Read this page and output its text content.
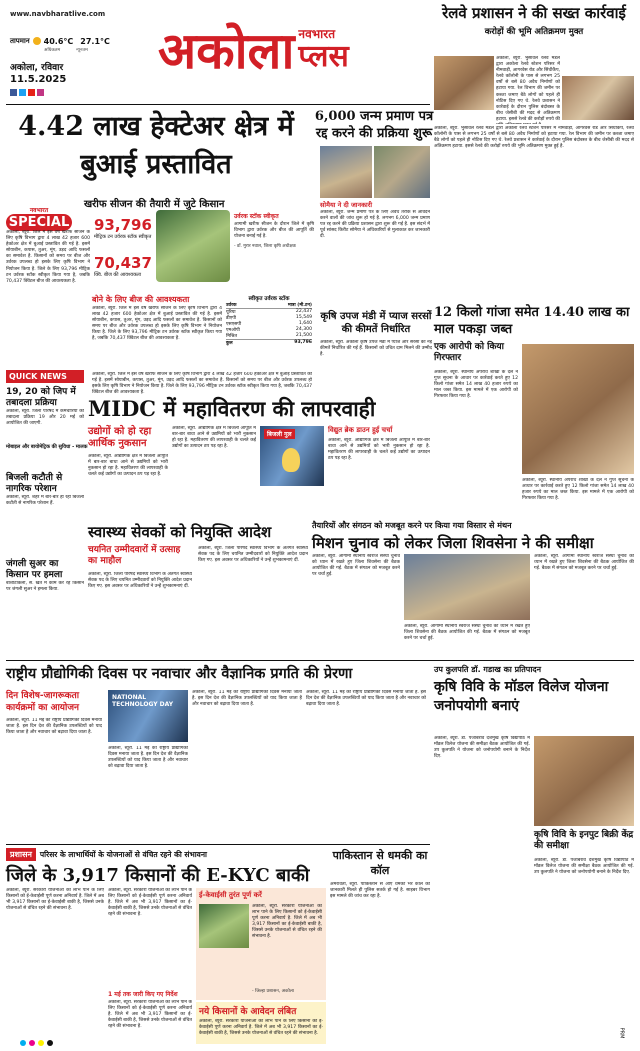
www.navbharatlive.com
तापमान 40.6°C 27.1°C
अधिकतम	न्यूनतम
अकोला, रविवार
11.5.2025 अकोला नवभारत
प्लस
रेलवे प्रशासन ने की सख्त कार्रवाई
करोड़ों की भूमि अतिक्रमण मुक्त
अकोला, ब्यूरो. भुसावल रेलवे मंडल द्वारा अकोला रेलवे स्टेशन परिसर में नीमवाड़ी, आगरवेस रोड और सिंधीकैंप, रेलवे कॉलोनी के पास से लगभग 25 वर्षों से बसे 80 अवैध निर्माणों को हटाया गया. रेल विभाग की जमीन पर कब्जा जमाए बैठे लोगों को पहले ही नोटिस दिए गए थे. रेलवे प्रशासन ने कार्रवाई के दौरान पुलिस बंदोबस्त के बीच जेसीबी की मदद से अतिक्रमण हटाया. इससे रेलवे की करोड़ों रुपये की
अकोला, ब्यूरो. भुसावल रेलवे मंडल द्वारा अकोला रेलवे स्टेशन परिसर में नीमवाड़ी, आगरवेस रोड और सिंधीकैंप, रेलवे कॉलोनी के पास से लगभग 25 वर्षों से बसे 80 अवैध निर्माणों को हटाया गया. रेल विभाग की जमीन पर कब्जा जमाए बैठे लोगों को पहले ही नोटिस दिए गए थे. रेलवे प्रशासन ने कार्रवाई के दौरान पुलिस बंदोबस्त के बीच जेसीबी की मदद से अतिक्रमण हटाया. इससे रेलवे की करोड़ों रुपये की भूमि अतिक्रमण मुक्त हुई है.
4.42 लाख हेक्टेअर क्षेत्र में बुआई प्रस्तावित
नवभारत
SPECIAL
खरीफ सीजन की तैयारी में जुटे किसान
93,796
मीट्रिक टन उर्वरक स्टॉक स्वीकृत
70,437
क्वि. बीज की आवश्यकता
उर्वरक स्टॉक स्वीकृत
आगामी खरीफ सीजन के दौरान जिले में कृषि विभाग द्वारा उर्वरक और बीज की आपूर्ति की योजना बनाई गई है.
- डॉ. मुरार नवाल, जिला कृषि अधीक्षक
अकोला, ब्यूरो. जिले में इस वर्ष खरीफ सीजन के लिए कृषि विभाग द्वारा 4 लाख 42 हजार 600 हेक्टेअर क्षेत्र में बुआई प्रस्तावित की गई है. इसमें सोयाबीन, कपास, तुअर, मूंग, उड़द आदि फसलों का समावेश है. किसानों को समय पर बीज और उर्वरक उपलब्ध हो इसके लिए कृषि विभाग ने नियोजन किया है. जिले के लिए 93,796 मीट्रिक टन उर्वरक स्टॉक स्वीकृत किया गया है, जबकि 70,437 क्विंटल बीज की आवश्यकता है.
बोने के लिए बीज की आवश्यकता
अकोला, ब्यूरो. जिले में इस वर्ष खरीफ सीजन के लिए कृषि विभाग द्वारा 4 लाख 42 हजार 600 हेक्टेअर क्षेत्र में बुआई प्रस्तावित की गई है. इसमें सोयाबीन, कपास, तुअर, मूंग, उड़द आदि फसलों का समावेश है. किसानों को समय पर बीज और उर्वरक उपलब्ध हो इसके लिए कृषि विभाग ने नियोजन किया है. जिले के लिए 93,796 मीट्रिक टन उर्वरक स्टॉक स्वीकृत किया गया है, जबकि 70,437 क्विंटल बीज की आवश्यकता है.
स्वीकृत उर्वरक स्टॉक
उर्वरक	मात्रा (मी.टन)
यूरिया	22,437
डीएपी	15,549
एसएसपी	1,640
एमओपी	24,300
मिश्रित	21,500
कुल	93,796
अकोला, ब्यूरो. जिले में इस वर्ष खरीफ सीजन के लिए कृषि विभाग द्वारा 4 लाख 42 हजार 600 हेक्टेअर क्षेत्र में बुआई प्रस्तावित की गई है. इसमें सोयाबीन, कपास, तुअर, मूंग, उड़द आदि फसलों का समावेश है. किसानों को समय पर बीज और उर्वरक उपलब्ध हो इसके लिए कृषि विभाग ने नियोजन किया है. जिले के लिए 93,796 मीट्रिक टन उर्वरक स्टॉक स्वीकृत किया गया है, जबकि 70,437 क्विंटल बीज की आवश्यकता है.
मोबाइल और बायोमेट्रिक की सुविधा - मालक
6,000 जन्म प्रमाण पत्र रद्द करने की प्रक्रिया शुरू
सोमैया ने दी जानकारी
अकोला, ब्यूरो. जन्म प्रमाण पत्र के लिए अवैध तरीके से आवेदन करने वालों की जांच शुरू हो गई है. लगभग 6,000 जन्म प्रमाण पत्र रद्द करने की प्रक्रिया प्रशासन द्वारा शुरू की गई है. इस संदर्भ में पूर्व सांसद किरीट सोमैया ने अधिकारियों से मुलाकात कर जानकारी दी.
कृषि उपज मंडी में प्याज सरसों की कीमतें निर्धारित
अकोला, ब्यूरो. अकोला कृषि उपज मंडी में प्याज और सरसों की नई कीमतें निर्धारित की गई हैं. किसानों को उचित दाम मिलने की उम्मीद है.
12 किलो गांजा समेत 14.40 लाख का माल पकड़ा जब्त
एक आरोपी को किया गिरफ्तार
अकोला, ब्यूरो. स्थानीय अपराध शाखा के दल ने गुप्त सूचना के आधार पर कार्रवाई करते हुए 12 किलो गांजा समेत 14 लाख 40 हजार रुपये का माल जब्त किया. इस मामले में एक आरोपी को गिरफ्तार किया गया है.
अकोला, ब्यूरो. स्थानीय अपराध शाखा के दल ने गुप्त सूचना के आधार पर कार्रवाई करते हुए 12 किलो गांजा समेत 14 लाख 40 हजार रुपये का माल जब्त किया. इस मामले में एक आरोपी को गिरफ्तार किया गया है.
QUICK NEWS
19, 20 को जिप में तबादला प्रक्रिया
अकोला, ब्यूरो. जिला परिषद में कर्मचारियों की तबादला प्रक्रिया 19 और 20 मई को आयोजित की जाएगी.
बिजली कटौती से नागरिक परेशान
अकोला, ब्यूरो. शहर में बार-बार हो रही बिजली कटौती से नागरिक परेशान हैं.
जंगली सुअर का किसान पर हमला
बार्शीटाकली, सं. खेत में काम कर रहे किसान पर जंगली सुअर ने हमला किया.
MIDC में महावितरण की लापरवाही
उद्योगों को हो रहा आर्थिक नुकसान
अकोला, ब्यूरो. औद्योगिक क्षेत्र में बिजली आपूर्ति में बार-बार बाधा आने से उद्यमियों को भारी नुकसान हो रहा है. महावितरण की लापरवाही के चलते कई उद्योगों का उत्पादन ठप पड़ रहा है.
अकोला, ब्यूरो. औद्योगिक क्षेत्र में बिजली आपूर्ति में बार-बार बाधा आने से उद्यमियों को भारी नुकसान हो रहा है. महावितरण की लापरवाही के चलते कई उद्योगों का उत्पादन ठप पड़ रहा है.
बिजली गुल
विद्युत ब्रेक डाउन हुई चर्चा
अकोला, ब्यूरो. औद्योगिक क्षेत्र में बिजली आपूर्ति में बार-बार बाधा आने से उद्यमियों को भारी नुकसान हो रहा है. महावितरण की लापरवाही के चलते कई उद्योगों का उत्पादन ठप पड़ रहा है.
स्वास्थ्य सेवकों को नियुक्ति आदेश
चयनित उम्मीदवारों में उत्साह का माहौल
अकोला, ब्यूरो. जिला परिषद स्वास्थ्य विभाग के अंतर्गत स्वास्थ्य सेवक पद के लिए चयनित उम्मीदवारों को नियुक्ति आदेश प्रदान किए गए. इस अवसर पर अधिकारियों ने उन्हें शुभकामनाएं दीं.
अकोला, ब्यूरो. जिला परिषद स्वास्थ्य विभाग के अंतर्गत स्वास्थ्य सेवक पद के लिए चयनित उम्मीदवारों को नियुक्ति आदेश प्रदान किए गए. इस अवसर पर अधिकारियों ने उन्हें शुभकामनाएं दीं.
तैयारियों और संगठन को मजबूत करने पर किया गया विस्तार से मंथन
मिशन चुनाव को लेकर जिला शिवसेना ने की समीक्षा
अकोला, ब्यूरो. आगामी स्थानीय स्वराज संस्था चुनाव को ध्यान में रखते हुए जिला शिवसेना की बैठक आयोजित की गई. बैठक में संगठन को मजबूत करने पर चर्चा हुई.
अकोला, ब्यूरो. आगामी स्थानीय स्वराज संस्था चुनाव को ध्यान में रखते हुए जिला शिवसेना की बैठक आयोजित की गई. बैठक में संगठन को मजबूत करने पर चर्चा हुई.
अकोला, ब्यूरो. आगामी स्थानीय स्वराज संस्था चुनाव को ध्यान में रखते हुए जिला शिवसेना की बैठक आयोजित की गई. बैठक में संगठन को मजबूत करने पर चर्चा हुई.
राष्ट्रीय प्रौद्योगिकी दिवस पर नवाचार और वैज्ञानिक प्रगति की प्रेरणा
दिन विशेष-जागरूकता कार्यक्रमों का आयोजन
अकोला, ब्यूरो. 11 मई को राष्ट्रीय प्रौद्योगिकी दिवस मनाया जाता है. इस दिन देश की वैज्ञानिक उपलब्धियों को याद किया जाता है और नवाचार को बढ़ावा दिया जाता है.
NATIONAL TECHNOLOGY DAY
अकोला, ब्यूरो. 11 मई को राष्ट्रीय प्रौद्योगिकी दिवस मनाया जाता है. इस दिन देश की वैज्ञानिक उपलब्धियों को याद किया जाता है और नवाचार को बढ़ावा दिया जाता है.
अकोला, ब्यूरो. 11 मई को राष्ट्रीय प्रौद्योगिकी दिवस मनाया जाता है. इस दिन देश की वैज्ञानिक उपलब्धियों को याद किया जाता है और नवाचार को बढ़ावा दिया जाता है.
अकोला, ब्यूरो. 11 मई को राष्ट्रीय प्रौद्योगिकी दिवस मनाया जाता है. इस दिन देश की वैज्ञानिक उपलब्धियों को याद किया जाता है और नवाचार को बढ़ावा दिया जाता है.
उप कुलपति डॉ. गडाख का प्रतिपादन
कृषि विवि के मॉडल विलेज योजना जनोपयोगी बनाएं
अकोला, ब्यूरो. डॉ. पंजाबराव देशमुख कृषि विद्यापीठ में मॉडल विलेज योजना की समीक्षा बैठक आयोजित की गई. उप कुलपति ने योजना को जनोपयोगी बनाने के निर्देश दिए.
कृषि विवि के इनपुट बिक्री केंद्र की समीक्षा
अकोला, ब्यूरो. डॉ. पंजाबराव देशमुख कृषि विद्यापीठ में मॉडल विलेज योजना की समीक्षा बैठक आयोजित की गई. उप कुलपति ने योजना को जनोपयोगी बनाने के निर्देश दिए.
प्रशासन	परिसर के लाभार्थियों के योजनाओं से वंचित रहने की संभावना
जिले के 3,917 किसानों की E-KYC बाकी
अकोला, ब्यूरो. सरकारी योजनाओं का लाभ पाने के लिए किसानों को ई-केवाईसी पूर्ण करना अनिवार्य है. जिले में अब भी 3,917 किसानों का ई-केवाईसी बाकी है, जिससे उनके योजनाओं से वंचित रहने की संभावना है.
अकोला, ब्यूरो. सरकारी योजनाओं का लाभ पाने के लिए किसानों को ई-केवाईसी पूर्ण करना अनिवार्य है. जिले में अब भी 3,917 किसानों का ई-केवाईसी बाकी है, जिससे उनके योजनाओं से वंचित रहने की संभावना है.
1 मई तक जारी किए गए निर्देश
अकोला, ब्यूरो. सरकारी योजनाओं का लाभ पाने के लिए किसानों को ई-केवाईसी पूर्ण करना अनिवार्य है. जिले में अब भी 3,917 किसानों का ई-केवाईसी बाकी है, जिससे उनके योजनाओं से वंचित रहने की संभावना है.
ई-केवाईसी तुरंत पूर्ण करें
अकोला, ब्यूरो. सरकारी योजनाओं का लाभ पाने के लिए किसानों को ई-केवाईसी पूर्ण करना अनिवार्य है. जिले में अब भी 3,917 किसानों का ई-केवाईसी बाकी है, जिससे उनके योजनाओं से वंचित रहने की संभावना है.
- जिल्हा प्रशासन, अकोला
नये किसानों के आवेदन लंबित
अकोला, ब्यूरो. सरकारी योजनाओं का लाभ पाने के लिए किसानों को ई-केवाईसी पूर्ण करना अनिवार्य है. जिले में अब भी 3,917 किसानों का ई-केवाईसी बाकी है, जिससे उनके योजनाओं से वंचित रहने की संभावना है.
पाकिस्तान से धमकी का कॉल
अमरावती, ब्यूरो. पाकिस्तान से आए धमकी भरे कॉल की जानकारी मिलते ही पुलिस सतर्क हो गई है. साइबर विभाग इस मामले की जांच कर रहा है.
PRM
